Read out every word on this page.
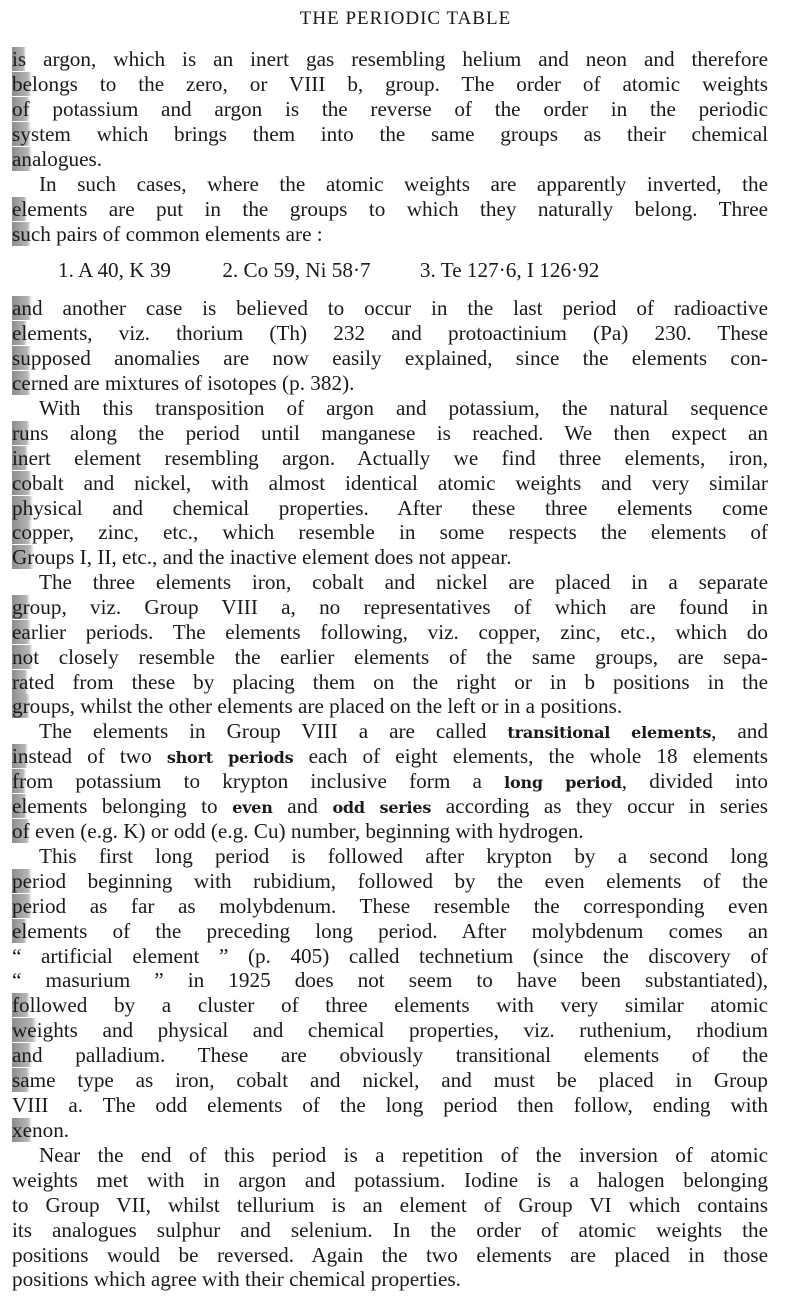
THE PERIODIC TABLE
is argon, which is an inert gas resembling helium and neon and therefore
belongs to the zero, or VIII b, group. The order of atomic weights
of potassium and argon is the reverse of the order in the periodic
system which brings them into the same groups as their chemical
analogues.
In such cases, where the atomic weights are apparently inverted, the
elements are put in the groups to which they naturally belong. Three
such pairs of common elements are :
1. A 40, K 39 2. Co 59, Ni 58·7 3. Te 127·6, I 126·92
and another case is believed to occur in the last period of radioactive
elements, viz. thorium (Th) 232 and protoactinium (Pa) 230. These
supposed anomalies are now easily explained, since the elements con-
cerned are mixtures of isotopes (p. 382).
With this transposition of argon and potassium, the natural sequence
runs along the period until manganese is reached. We then expect an
inert element resembling argon. Actually we find three elements, iron,
cobalt and nickel, with almost identical atomic weights and very similar
physical and chemical properties. After these three elements come
copper, zinc, etc., which resemble in some respects the elements of
Groups I, II, etc., and the inactive element does not appear.
The three elements iron, cobalt and nickel are placed in a separate
group, viz. Group VIII a, no representatives of which are found in
earlier periods. The elements following, viz. copper, zinc, etc., which do
not closely resemble the earlier elements of the same groups, are sepa-
rated from these by placing them on the right or in b positions in the
groups, whilst the other elements are placed on the left or in a positions.
The elements in Group VIII a are called transitional elements, and
instead of two short periods each of eight elements, the whole 18 elements
from potassium to krypton inclusive form a long period, divided into
elements belonging to even and odd series according as they occur in series
of even (e.g. K) or odd (e.g. Cu) number, beginning with hydrogen.
This first long period is followed after krypton by a second long
period beginning with rubidium, followed by the even elements of the
period as far as molybdenum. These resemble the corresponding even
elements of the preceding long period. After molybdenum comes an
“ artificial element ” (p. 405) called technetium (since the discovery of
“ masurium ” in 1925 does not seem to have been substantiated),
followed by a cluster of three elements with very similar atomic
weights and physical and chemical properties, viz. ruthenium, rhodium
and palladium. These are obviously transitional elements of the
same type as iron, cobalt and nickel, and must be placed in Group
VIII a. The odd elements of the long period then follow, ending with
xenon.
Near the end of this period is a repetition of the inversion of atomic
weights met with in argon and potassium. Iodine is a halogen belonging
to Group VII, whilst tellurium is an element of Group VI which contains
its analogues sulphur and selenium. In the order of atomic weights the
positions would be reversed. Again the two elements are placed in those
positions which agree with their chemical properties.
